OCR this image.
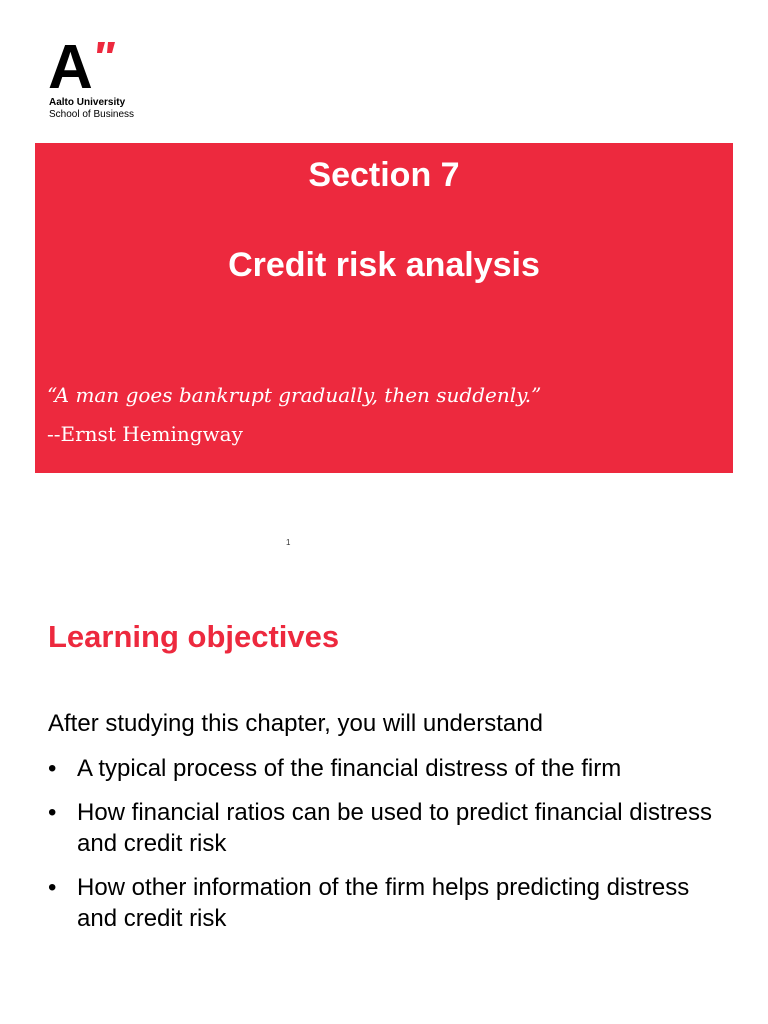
A
Aalto University
School of Business
Section 7
Credit risk analysis
“A man goes bankrupt gradually, then suddenly.”
--Ernst Hemingway
1
Learning objectives
After studying this chapter, you will understand
• A typical process of the financial distress of the firm
• How financial ratios can be used to predict financial distress and credit risk
• How other information of the firm helps predicting distress and credit risk
